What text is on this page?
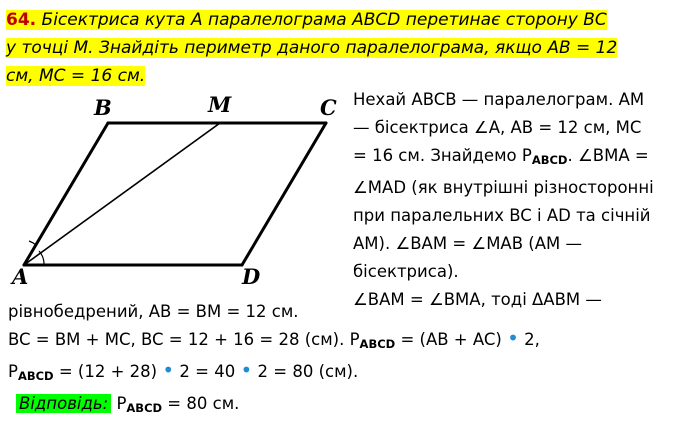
64. Бісектриса кута A паралелограма ABCD перетинає сторону BC
у точці M. Знайдіть периметр даного паралелограма, якщо AB = 12
см, MC = 16 см.
B	M	C
A	D
Нехай ABCB — паралелограм. AM
— бісектриса ∠A, AB = 12 см, MC
= 16 см. Знайдемо $P_{ABCD}$. ∠BMA =
∠MAD (як внутрішні різносторонні
при паралельних BC і AD та січній
AM). ∠BAM = ∠MAB (AM —
бісектриса).
∠BAM = ∠BMA, тоді ΔABM —
рівнобедрений, AB = BM = 12 см.
BC = BM + MC, BC = 12 + 16 = 28 (см). $P_{ABCD} = (AB + AC)$ • 2,
$P_{ABCD} = (12 + 28)$ • 2 = 40 • 2 = 80 (см).
Відповідь: $P_{ABCD} = 80$ см.
